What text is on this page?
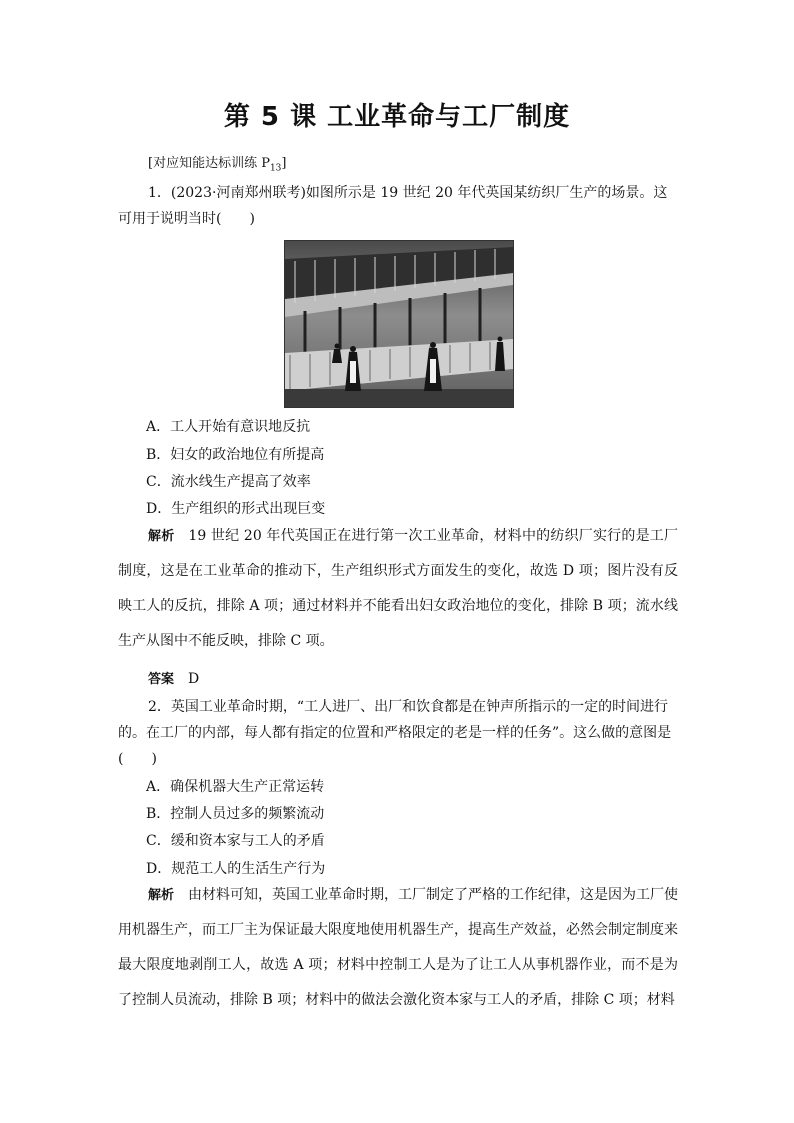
第 5 课 工业革命与工厂制度
[对应知能达标训练 $P_{13}$]
1．(2023·河南郑州联考)如图所示是 19 世纪 20 年代英国某纺织厂生产的场景。这可用于说明当时(　　)
A．工人开始有意识地反抗
B．妇女的政治地位有所提高
C．流水线生产提高了效率
D．生产组织的形式出现巨变
解析 19 世纪 20 年代英国正在进行第一次工业革命，材料中的纺织厂实行的是工厂制度，这是在工业革命的推动下，生产组织形式方面发生的变化，故选 D 项；图片没有反映工人的反抗，排除 A 项；通过材料并不能看出妇女政治地位的变化，排除 B 项；流水线生产从图中不能反映，排除 C 项。
答案 D
2．英国工业革命时期，“工人进厂、出厂和饮食都是在钟声所指示的一定的时间进行的。在工厂的内部，每人都有指定的位置和严格限定的老是一样的任务”。这么做的意图是(　　)
A．确保机器大生产正常运转
B．控制人员过多的频繁流动
C．缓和资本家与工人的矛盾
D．规范工人的生活生产行为
解析 由材料可知，英国工业革命时期，工厂制定了严格的工作纪律，这是因为工厂使用机器生产，而工厂主为保证最大限度地使用机器生产，提高生产效益，必然会制定制度来最大限度地剥削工人，故选 A 项；材料中控制工人是为了让工人从事机器作业，而不是为了控制人员流动，排除 B 项；材料中的做法会激化资本家与工人的矛盾，排除 C 项；材料
